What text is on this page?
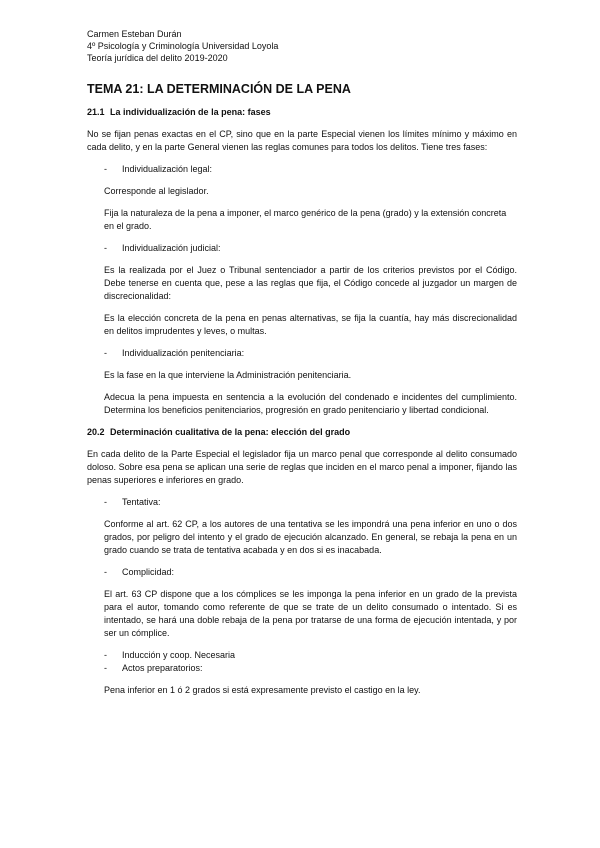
Carmen Esteban Durán
4º Psicología y Criminología Universidad Loyola
Teoría jurídica del delito 2019-2020
TEMA 21: LA DETERMINACIÓN DE LA PENA
21.1 La individualización de la pena: fases

No se fijan penas exactas en el CP, sino que en la parte Especial vienen los límites mínimo y máximo en cada delito, y en la parte General vienen las reglas comunes para todos los delitos. Tiene tres fases:

-	Individualización legal:

Corresponde al legislador.

Fija la naturaleza de la pena a imponer, el marco genérico de la pena (grado) y la extensión concreta en el grado.

-	Individualización judicial:

Es la realizada por el Juez o Tribunal sentenciador a partir de los criterios previstos por el Código. Debe tenerse en cuenta que, pese a las reglas que fija, el Código concede al juzgador un margen de discrecionalidad:

Es la elección concreta de la pena en penas alternativas, se fija la cuantía, hay más discrecionalidad en delitos imprudentes y leves, o multas.

-	Individualización penitenciaria:

Es la fase en la que interviene la Administración penitenciaria.

Adecua la pena impuesta en sentencia a la evolución del condenado e incidentes del cumplimiento. Determina los beneficios penitenciarios, progresión en grado penitenciario y libertad condicional.

20.2 Determinación cualitativa de la pena: elección del grado

En cada delito de la Parte Especial el legislador fija un marco penal que corresponde al delito consumado doloso. Sobre esa pena se aplican una serie de reglas que inciden en el marco penal a imponer, fijando las penas superiores e inferiores en grado.

-	Tentativa:

Conforme al art. 62 CP, a los autores de una tentativa se les impondrá una pena inferior en uno o dos grados, por peligro del intento y el grado de ejecución alcanzado. En general, se rebaja la pena en un grado cuando se trata de tentativa acabada y en dos si es inacabada.

-	Complicidad:

El art. 63 CP dispone que a los cómplices se les imponga la pena inferior en un grado de la prevista para el autor, tomando como referente de que se trate de un delito consumado o intentado. Si es intentado, se hará una doble rebaja de la pena por tratarse de una forma de ejecución intentada, y por ser un cómplice.

-	Inducción y coop. Necesaria
-	Actos preparatorios:

Pena inferior en 1 ó 2 grados si está expresamente previsto el castigo en la ley.
